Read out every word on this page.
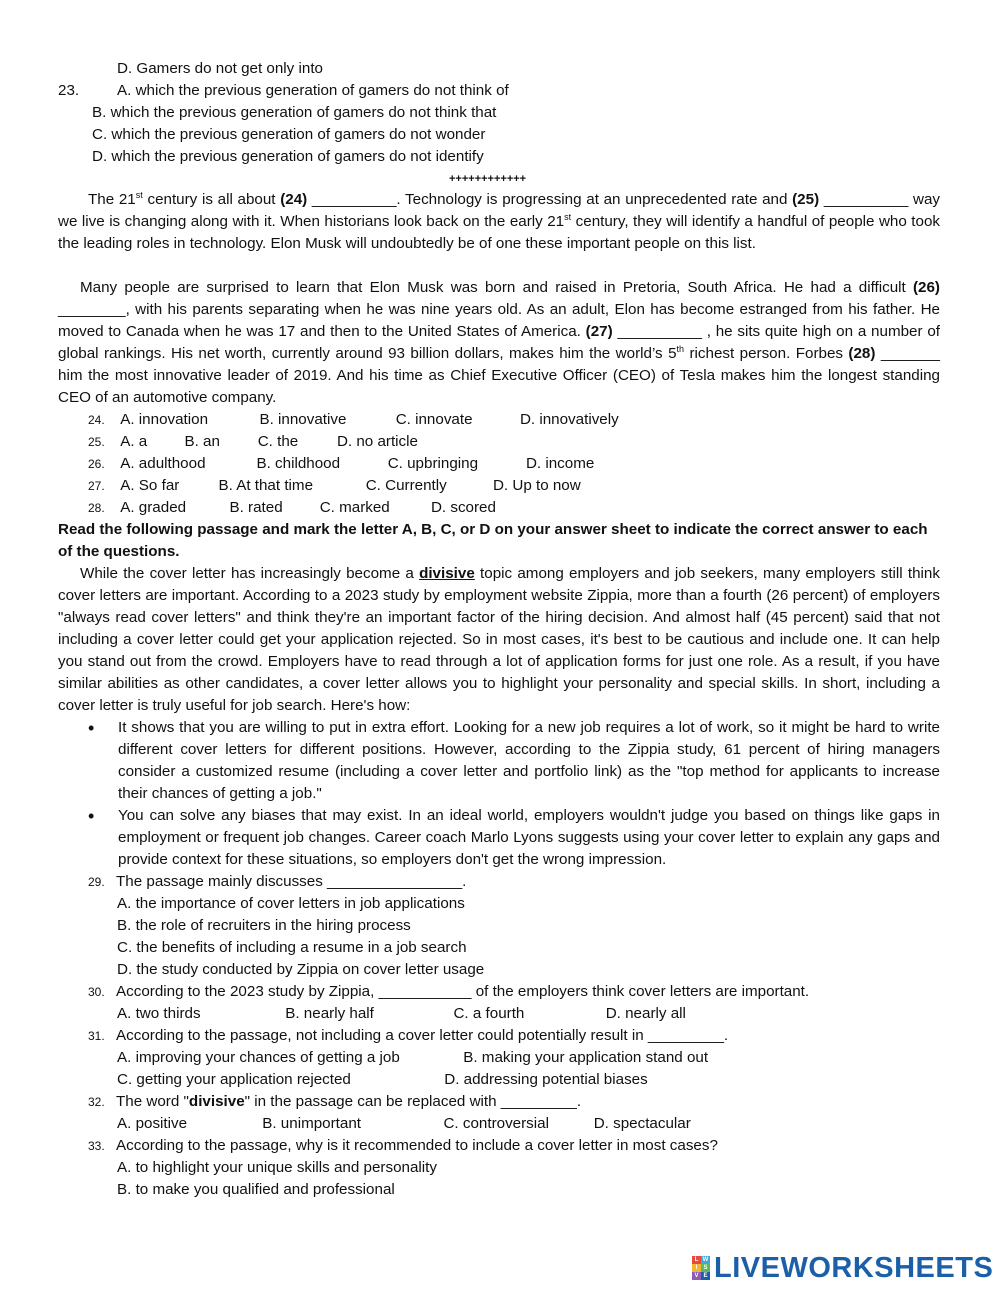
D. Gamers do not get only into
23. A. which the previous generation of gamers do not think of
B. which the previous generation of gamers do not think that
C. which the previous generation of gamers do not wonder
D. which the previous generation of gamers do not identify
++++++++++++
The 21st century is all about (24) __________. Technology is progressing at an unprecedented rate and (25) __________ way we live is changing along with it. When historians look back on the early 21st century, they will identify a handful of people who took the leading roles in technology. Elon Musk will undoubtedly be of one these important people on this list.
Many people are surprised to learn that Elon Musk was born and raised in Pretoria, South Africa. He had a difficult (26) ________, with his parents separating when he was nine years old. As an adult, Elon has become estranged from his father. He moved to Canada when he was 17 and then to the United States of America. (27) __________ , he sits quite high on a number of global rankings. His net worth, currently around 93 billion dollars, makes him the world’s 5th richest person. Forbes (28) _______ him the most innovative leader of 2019. And his time as Chief Executive Officer (CEO) of Tesla makes him the longest standing CEO of an automotive company.
24. A. innovation	B. innovative	C. innovate	D. innovatively
25. A. a B. an C. the	D. no article
26. A. adulthood	B. childhood	C. upbringing	D. income
27. A. So far	B. At that time	C. Currently	D. Up to now
28. A. graded	B. rated C. marked	D. scored
Read the following passage and mark the letter A, B, C, or D on your answer sheet to indicate the correct answer to each of the questions.
While the cover letter has increasingly become a divisive topic among employers and job seekers, many employers still think cover letters are important. According to a 2023 study by employment website Zippia, more than a fourth (26 percent) of employers "always read cover letters" and think they're an important factor of the hiring decision. And almost half (45 percent) said that not including a cover letter could get your application rejected. So in most cases, it's best to be cautious and include one. It can help you stand out from the crowd. Employers have to read through a lot of application forms for just one role. As a result, if you have similar abilities as other candidates, a cover letter allows you to highlight your personality and special skills. In short, including a cover letter is truly useful for job search. Here's how:
• It shows that you are willing to put in extra effort. Looking for a new job requires a lot of work, so it might be hard to write different cover letters for different positions. However, according to the Zippia study, 61 percent of hiring managers consider a customized resume (including a cover letter and portfolio link) as the "top method for applicants to increase their chances of getting a job."
• You can solve any biases that may exist. In an ideal world, employers wouldn't judge you based on things like gaps in employment or frequent job changes. Career coach Marlo Lyons suggests using your cover letter to explain any gaps and provide context for these situations, so employers don't get the wrong impression.
29. The passage mainly discusses ________________.
A. the importance of cover letters in job applications
B. the role of recruiters in the hiring process
C. the benefits of including a resume in a job search
D. the study conducted by Zippia on cover letter usage
30. According to the 2023 study by Zippia, ___________ of the employers think cover letters are important.
A. two thirds	B. nearly half	C. a fourth	D. nearly all
31. According to the passage, not including a cover letter could potentially result in _________.
A. improving your chances of getting a job	B. making your application stand out
C. getting your application rejected	D. addressing potential biases
32. The word "divisive" in the passage can be replaced with _________.
A. positive	B. unimportant	C. controversial	D. spectacular
33. According to the passage, why is it recommended to include a cover letter in most cases?
A. to highlight your unique skills and personality
B. to make you qualified and professional
L W
I	S
V E LIVEWORKSHEETS
